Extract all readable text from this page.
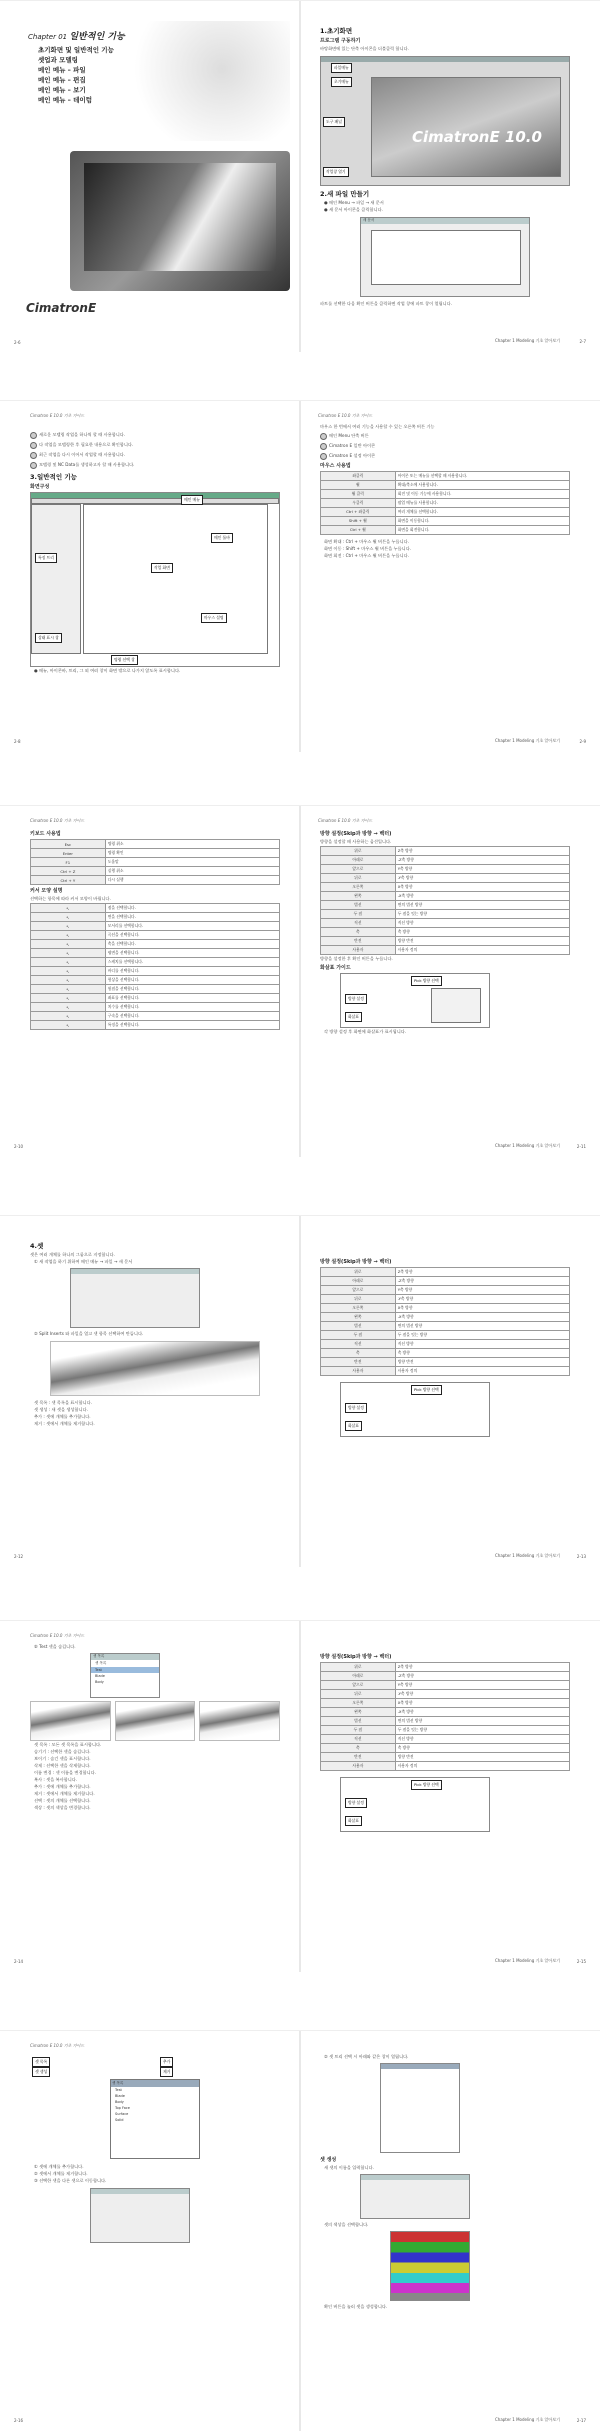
Chapter 01 일반적인 기능
초기화면 및 일반적인 기능
셋업과 모델링
메인 메뉴 – 파일
메인 메뉴 – 편집
메인 메뉴 – 보기
메인 메뉴 – 데이텀
CimatronE
2-6
1.초기화면
프로그램 구동하기
바탕화면에 있는 단축 아이콘을 더블클릭 합니다.
CimatronE 10.0
파일메뉴
초기메뉴
도구 패널
작업창 열기
2.새 파일 만들기
● 메인 Menu → 파일 → 새 문서
● 새 문서 아이콘을 클릭합니다.
새 문서
파트를 선택한 다음 확인 버튼을 클릭하면 작업 창에 파트 창이 열립니다.
2-7
Chapter 1 Modeling 기초 알아보기
Cimatron E 10.0 기초 가이드	Cimatron E 10.0 기초 가이드
새로운 모델링 작업을 하나씩 할 때 사용합니다.
다 작업을 모델링한 후 필요한 내용으로 확인합니다.
최근 작업을 다시 이어서 작업할 때 사용합니다.
모델링 및 NC Data를 생성하고자 할 때 사용합니다.
3.일반적인 기능
화면구성
메인 메뉴
메인 툴바
작업 화면
특징 트리
마우스 설명
상태 표시 창
명령 선택 창
● 메뉴, 아이콘바, 트리, 그 외 여러 창이 화면 밖으로 나가지 않도록 표시합니다.
마우스 한 번에서 여러 기능을 사용할 수 있는 오른쪽 버튼 기능
메인 Menu 단축 버튼
Cimatron E 일반 아이콘
Cimatron E 설정 아이콘
마우스 사용법
좌클릭	아이콘 또는 메뉴를 선택할 때 사용합니다.
휠	확대/축소에 사용합니다.
휠 클릭	회전 및 이동 기능에 사용합니다.
우클릭	팝업 메뉴를 사용합니다.
Ctrl + 좌클릭	여러 개체를 선택합니다.
Shift + 휠	화면을 이동합니다.
Ctrl + 휠	화면을 회전합니다.
화면 확대 : Ctrl + 마우스 휠 버튼을 누릅니다.
화면 이동 : Shift + 마우스 휠 버튼을 누릅니다.
화면 회전 : Ctrl + 마우스 휠 버튼을 누릅니다.
2-8	2-9
Chapter 1 Modeling 기초 알아보기
Cimatron E 10.0 기초 가이드	Cimatron E 10.0 기초 가이드
키보드 사용법
Esc	명령 취소
Enter	명령 확인
F1	도움말
Ctrl + Z	실행 취소
Ctrl + Y	다시 실행
커서 모양 설명
선택하는 항목에 따라 커서 모양이 바뀝니다.
↖	점을 선택합니다.
↖	면을 선택합니다.
↖	모서리를 선택합니다.
↖	곡선을 선택합니다.
↖	축을 선택합니다.
↖	평면을 선택합니다.
↖	스케치를 선택합니다.
↖	바디를 선택합니다.
↖	형상을 선택합니다.
↖	원점을 선택합니다.
↖	좌표를 선택합니다.
↖	치수를 선택합니다.
↖	구속을 선택합니다.
↖	특징을 선택합니다.
방향 설정(Skip과 방향 → 백터)
방향을 설정할 때 사용하는 옵션입니다.
위로	Z축 방향
아래로	-Z축 방향
앞으로	Y축 방향
뒤로	-Y축 방향
오른쪽	X축 방향
왼쪽	-X축 방향
법선	면의 법선 방향
두 점	두 점을 잇는 방향
직선	직선 방향
축	축 방향
반전	방향 반전
사용자	사용자 정의
방향을 설정한 후 확인 버튼을 누릅니다.
화살표 가이드
Pick 방향 선택
방향 설정
화살표
각 방향 설정 후 화면에 화살표가 표시됩니다.
2-10	2-11
Chapter 1 Modeling 기초 알아보기
4.셋
셋은 여러 개체를 하나의 그룹으로 지정합니다.
① 새 작업을 하기 위하여 메인 메뉴 → 파일 → 새 문서
② Split Inserts 와 파일을 열고 셋 항목 선택하여 만듭니다.
셋 목록 : 셋 목록을 표시합니다.
셋 생성 : 새 셋을 생성합니다.
추가 : 셋에 개체를 추가합니다.
제거 : 셋에서 개체를 제거합니다.
방향 설정(Skip과 방향 → 백터)
위로	Z축 방향
아래로	-Z축 방향
앞으로	Y축 방향
뒤로	-Y축 방향
오른쪽	X축 방향
왼쪽	-X축 방향
법선	면의 법선 방향
두 점	두 점을 잇는 방향
직선	직선 방향
축	축 방향
반전	방향 반전
사용자	사용자 정의
Pick 방향 선택
방향 설정
화살표
2-12	2-13
Chapter 1 Modeling 기초 알아보기
Cimatron E 10.0 기초 가이드
⑤ Test 셋을 숨깁니다.
셋 목록
셋 목록
Test
Blade
Body
셋 목록 : 모든 셋 목록을 표시합니다.
숨기기 : 선택한 셋을 숨깁니다.
보이기 : 숨긴 셋을 표시합니다.
삭제 : 선택한 셋을 삭제합니다.
이름 변경 : 셋 이름을 변경합니다.
복사 : 셋을 복사합니다.
추가 : 셋에 개체를 추가합니다.
제거 : 셋에서 개체를 제거합니다.
선택 : 셋의 개체를 선택합니다.
색상 : 셋의 색상을 변경합니다.
방향 설정(Skip과 방향 → 백터)
위로	Z축 방향
아래로	-Z축 방향
앞으로	Y축 방향
뒤로	-Y축 방향
오른쪽	X축 방향
왼쪽	-X축 방향
법선	면의 법선 방향
두 점	두 점을 잇는 방향
직선	직선 방향
축	축 방향
반전	방향 반전
사용자	사용자 정의
Pick 방향 선택
방향 설정
화살표
2-14	2-15
Chapter 1 Modeling 기초 알아보기
Cimatron E 10.0 기초 가이드
셋 목록
셋 생성
추가
제거
셋 목록
Test
Blade
Body
Top Face
Surface
Solid
① 셋에 개체를 추가합니다.
② 셋에서 개체를 제거합니다.
③ 선택한 셋을 다른 셋으로 이동합니다.
② 셋 트리 선택 시 아래와 같은 창이 열립니다.
셋 생성
새 셋의 이름을 입력합니다.
셋의 색상을 선택합니다.
확인 버튼을 눌러 셋을 생성합니다.
2-16	2-17
Chapter 1 Modeling 기초 알아보기
